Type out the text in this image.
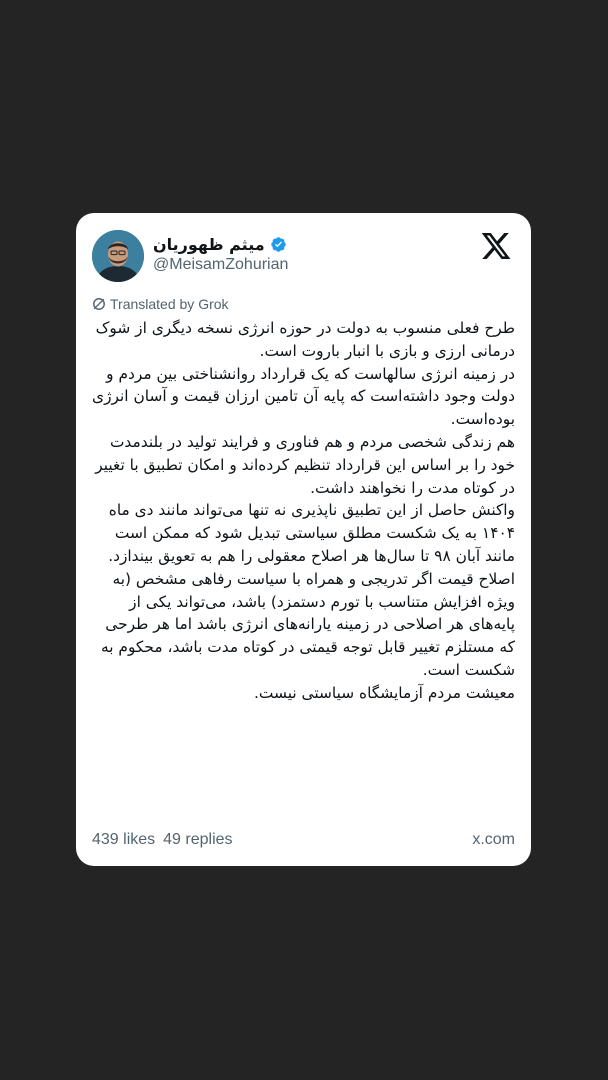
میثم ظهوریان
@MeisamZohurian
Translated by Grok

طرح فعلی منسوب به دولت در حوزه انرژی نسخه دیگری از شوک درمانی ارزی و بازی با انبار باروت است.

در زمینه انرژی سالهاست که یک قرارداد روانشناختی بین مردم و دولت وجود داشته‌است که پایه آن تامین ارزان قیمت و آسان انرژی بوده‌است.

هم زندگی شخصی مردم و هم فناوری و فرایند تولید در بلندمدت خود را بر اساس این قرارداد تنظیم کرده‌اند و امکان تطبیق با تغییر در کوتاه مدت را نخواهند داشت.

واکنش حاصل از این تطبیق ناپذیری نه تنها می‌تواند مانند دی ماه ۱۴۰۴ به یک شکست مطلق سیاستی تبدیل شود که ممکن است مانند آبان ۹۸ تا سال‌ها هر اصلاح معقولی را هم به تعویق بیندازد.

اصلاح قیمت اگر تدریجی و همراه با سیاست رفاهی مشخص (به ویژه افزایش متناسب با تورم دستمزد) باشد، می‌تواند یکی از پایه‌های هر اصلاحی در زمینه یارانه‌های انرژی باشد اما هر طرحی که مستلزم تغییر قابل توجه قیمتی در کوتاه مدت باشد، محکوم به شکست است.

معیشت مردم آزمایشگاه سیاستی نیست.

439 likes 49 replies	x.com
